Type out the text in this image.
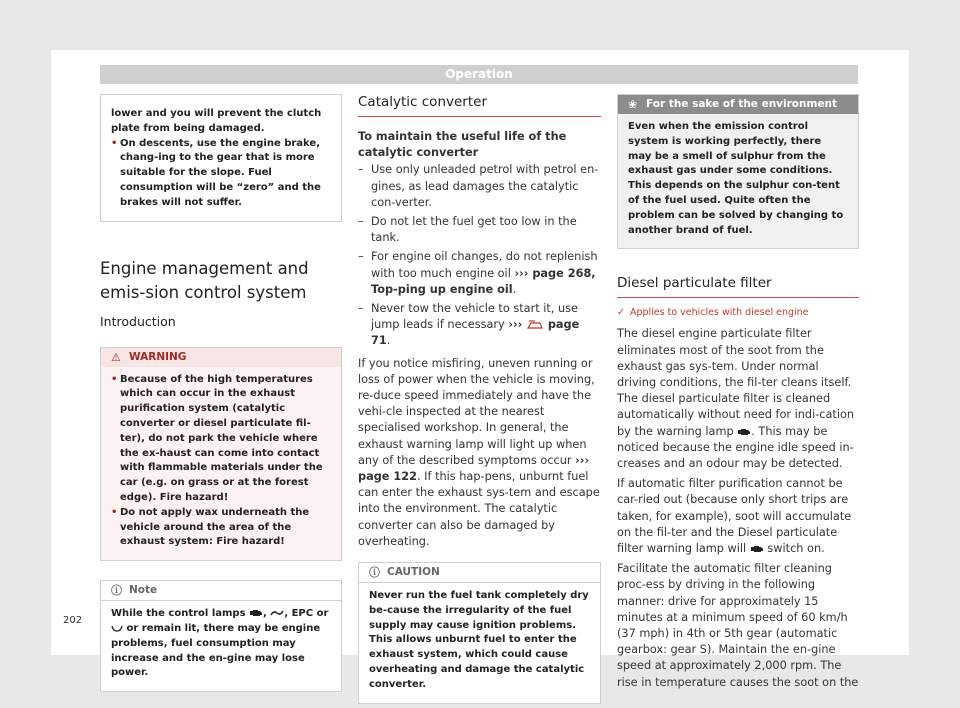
Operation
lower and you will prevent the clutch plate from being damaged.
• On descents, use the engine brake, chang-ing to the gear that is more suitable for the slope. Fuel consumption will be “zero” and the brakes will not suffer.
Engine management and emis-sion control system
Introduction
⚠ WARNING
• Because of the high temperatures which can occur in the exhaust purification system (catalytic converter or diesel particulate fil-ter), do not park the vehicle where the ex-haust can come into contact with flammable materials under the car (e.g. on grass or at the forest edge). Fire hazard!
• Do not apply wax underneath the vehicle around the area of the exhaust system: Fire hazard!
ⓘ Note
While the control lamps , , EPC or  or remain lit, there may be engine problems, fuel consumption may increase and the en-gine may lose power.
Catalytic converter

To maintain the useful life of the catalytic converter

– Use only unleaded petrol with petrol en-gines, as lead damages the catalytic con-verter.
– Do not let the fuel get too low in the tank.
– For engine oil changes, do not replenish with too much engine oil ››› page 268, Top-ping up engine oil.
– Never tow the vehicle to start it, use jump leads if necessary ›››  page 71.

If you notice misfiring, uneven running or loss of power when the vehicle is moving, re-duce speed immediately and have the vehi-cle inspected at the nearest specialised workshop. In general, the exhaust warning lamp will light up when any of the described symptoms occur ››› page 122. If this hap-pens, unburnt fuel can enter the exhaust sys-tem and escape into the environment. The catalytic converter can also be damaged by overheating.

ⓘ CAUTION
Never run the fuel tank completely dry be-cause the irregularity of the fuel supply may cause ignition problems. This allows unburnt fuel to enter the exhaust system, which could cause overheating and damage the catalytic converter.
❀ For the sake of the environment
Even when the emission control system is working perfectly, there may be a smell of sulphur from the exhaust gas under some conditions. This depends on the sulphur con-tent of the fuel used. Quite often the problem can be solved by changing to another brand of fuel.
Diesel particulate filter
✓ Applies to vehicles with diesel engine

The diesel engine particulate filter eliminates most of the soot from the exhaust gas sys-tem. Under normal driving conditions, the fil-ter cleans itself. The diesel particulate filter is cleaned automatically without need for indi-cation by the warning lamp . This may be noticed because the engine idle speed in-creases and an odour may be detected.

If automatic filter purification cannot be car-ried out (because only short trips are taken, for example), soot will accumulate on the fil-ter and the Diesel particulate filter warning lamp will  switch on.

Facilitate the automatic filter cleaning proc-ess by driving in the following manner: drive for approximately 15 minutes at a minimum speed of 60 km/h (37 mph) in 4th or 5th gear (automatic gearbox: gear S). Maintain the en-gine speed at approximately 2,000 rpm. The rise in temperature causes the soot on the

202
